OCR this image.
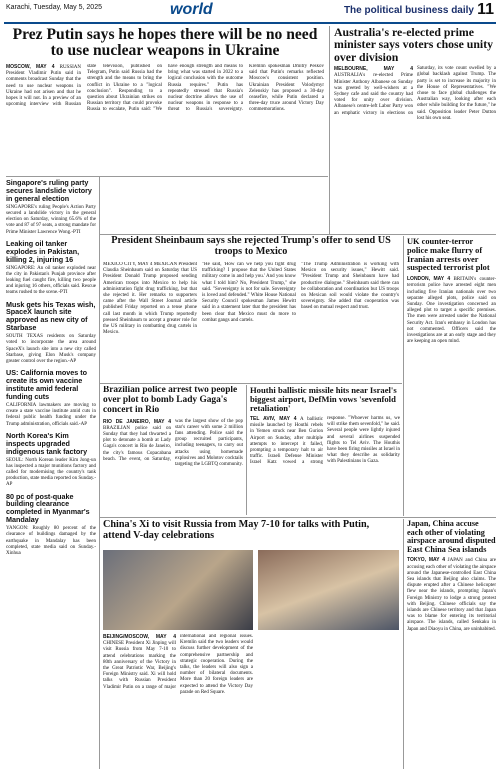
Karachi, Tuesday, May 5, 2025	world	The political business daily 11
Prez Putin says he hopes there will be no need to use nuclear weapons in Ukraine
MOSCOW, MAY 4 RUSSIAN President Vladimir Putin said in comments broadcast Sunday that the need to use nuclear weapons in Ukraine had not arisen and that he hopes it will not. In a preview of an upcoming interview with Russian state television, published on Telegram, Putin said Russia had the strength and the means to bring the conflict in Ukraine to a "logical conclusion". Responding to a question about Ukrainian strikes on Russian territory that could provoke Russia to escalate, Putin said: "We have enough strength and means to bring what was started in 2022 to a logical conclusion with the outcome Russia requires." Putin has repeatedly stressed that Russia's nuclear doctrine allows the use of nuclear weapons in response to a threat to Russia's sovereignty. Kremlin spokesman Dmitry Peskov said that Putin's remarks reflected Moscow's consistent position. Ukrainian President Volodymyr Zelenskiy has proposed a 30-day ceasefire, while Putin declared a three-day truce around Victory Day commemorations.
Australia's re-elected prime minister says voters chose unity over division
MELBOURNE, MAY 4 AUSTRALIA's re-elected Prime Minister Anthony Albanese on Sunday was greeted by well-wishers at a Sydney cafe and said the country had voted for unity over division. Albanese's centre-left Labor Party won an emphatic victory in elections on Saturday, its vote count swelled by a global backlash against Trump. The party is set to increase its majority in the House of Representatives. "We chose to face global challenges the Australian way, looking after each other while building for the future," he said. Opposition leader Peter Dutton lost his own seat.
Singapore's ruling party secures landslide victory in general election

SINGAPORE's ruling People's Action Party secured a landslide victory in the general election on Saturday, winning 65.6% of the vote and 87 of 97 seats, a strong mandate for Prime Minister Lawrence Wong.-PTI

Leaking oil tanker explodes in Pakistan, killing 2, injuring 16

SINGAPORE: An oil tanker exploded near the city in Pakistan's Punjab province after leaking fuel caught fire, killing two people and injuring 16 others, officials said. Rescue teams rushed to the scene.-PTI

Musk gets his Texas wish, SpaceX launch site approved as new city of Starbase

SOUTH TEXAS residents on Saturday voted to incorporate the area around SpaceX's launch site into a new city called Starbase, giving Elon Musk's company greater control over the region.-AP

US: California moves to create its own vaccine institute amid federal funding cuts

CALIFORNIA lawmakers are moving to create a state vaccine institute amid cuts in federal public health funding under the Trump administration, officials said.-AP

North Korea's Kim inspects upgraded indigenous tank factory

SEOUL: North Korean leader Kim Jong-un has inspected a major munitions factory and called for modernising the country's tank production, state media reported on Sunday.-AP

80 pc of post-quake building clearance completed in Myanmar's Mandalay

YANGON: Roughly 80 percent of the clearance of buildings damaged by the earthquake in Mandalay has been completed, state media said on Sunday.-Xinhua

President Sheinbaum says she rejected Trump's offer to send US troops to Mexico

MEXICO CITY, MAY 4 MEXICAN President Claudia Sheinbaum said on Saturday that US President Donald Trump proposed sending American troops into Mexico to help his administration fight drug trafficking, but that she rejected it. Her remarks to supporters came after the Wall Street Journal article published Friday reported on a tense phone call last month in which Trump reportedly pressed Sheinbaum to accept a greater role for the US military in combatting drug cartels in Mexico.

"He said, 'How can we help you fight drug trafficking? I propose that the United States military come in and help you.' And you know what I told him? No, President Trump," she said. "Sovereignty is not for sale. Sovereignty is loved and defended." White House National Security Council spokesman James Hewitt said in a statement later that the president has been clear that Mexico must do more to combat gangs and cartels.

"The Trump Administration is working with Mexico on security issues," Hewitt said. "President Trump and Sheinbaum have had productive dialogue." Sheinbaum said there can be collaboration and coordination but US troops on Mexican soil would violate the country's sovereignty. She added that cooperation was based on mutual respect and trust.

UK counter-terror police make flurry of Iranian arrests over suspected terrorist plot

LONDON, MAY 4 BRITAIN's counter-terrorism police have arrested eight men including five Iranian nationals over two separate alleged plots, police said on Sunday. One investigation concerned an alleged plot to target a specific premises. The men were arrested under the National Security Act. Iran's embassy in London has not commented. Officers said the investigations are at an early stage and they are keeping an open mind.

Brazilian police arrest two people over plot to bomb Lady Gaga's concert in Rio

RIO DE JANEIRO, MAY 4 BRAZILIAN police said on Sunday that they had thwarted a plot to detonate a bomb at Lady Gaga's concert in Rio de Janeiro, the city's famous Copacabana beach. The event, on Saturday, was the largest show of the pop star's career with some 2 million fans attending. Police said the group recruited participants, including teenagers, to carry out attacks using homemade explosives and Molotov cocktails targeting the LGBTQ community.

Houthi ballistic missile hits near Israel's biggest airport, DefMin vows 'sevenfold retaliation'

TEL AVIV, MAY 4 A ballistic missile launched by Houthi rebels in Yemen struck near Ben Gurion Airport on Sunday, after multiple attempts to intercept it failed, prompting a temporary halt to air traffic. Israeli Defense Minister Israel Katz vowed a strong response. "Whoever harms us, we will strike them sevenfold," he said. Several people were lightly injured and several airlines suspended flights to Tel Aviv. The Houthis have been firing missiles at Israel in what they describe as solidarity with Palestinians in Gaza.

China's Xi to visit Russia from May 7-10 for talks with Putin, attend V-day celebrations

BEIJING/MOSCOW, MAY 4 CHINESE President Xi Jinping will visit Russia from May 7-10 to attend celebrations marking the 80th anniversary of the Victory in the Great Patriotic War, Beijing's Foreign Ministry said. Xi will hold talks with Russian President Vladimir Putin on a range of major international and regional issues. Kremlin said the two leaders would discuss further development of the comprehensive partnership and strategic cooperation. During the talks, the leaders will also sign a number of bilateral documents. More than 20 foreign leaders are expected to attend the Victory Day parade on Red Square.

Japan, China accuse each other of violating airspace around disputed East China Sea islands

TOKYO, MAY 4 JAPAN and China are accusing each other of violating the airspace around the Japanese-controlled East China Sea islands that Beijing also claims. The dispute erupted after a Chinese helicopter flew near the islands, prompting Japan's Foreign Ministry to lodge a strong protest with Beijing. Chinese officials say the islands are Chinese territory and that Japan was to blame for entering its territorial airspace. The islands, called Senkaku in Japan and Diaoyu in China, are uninhabited.
